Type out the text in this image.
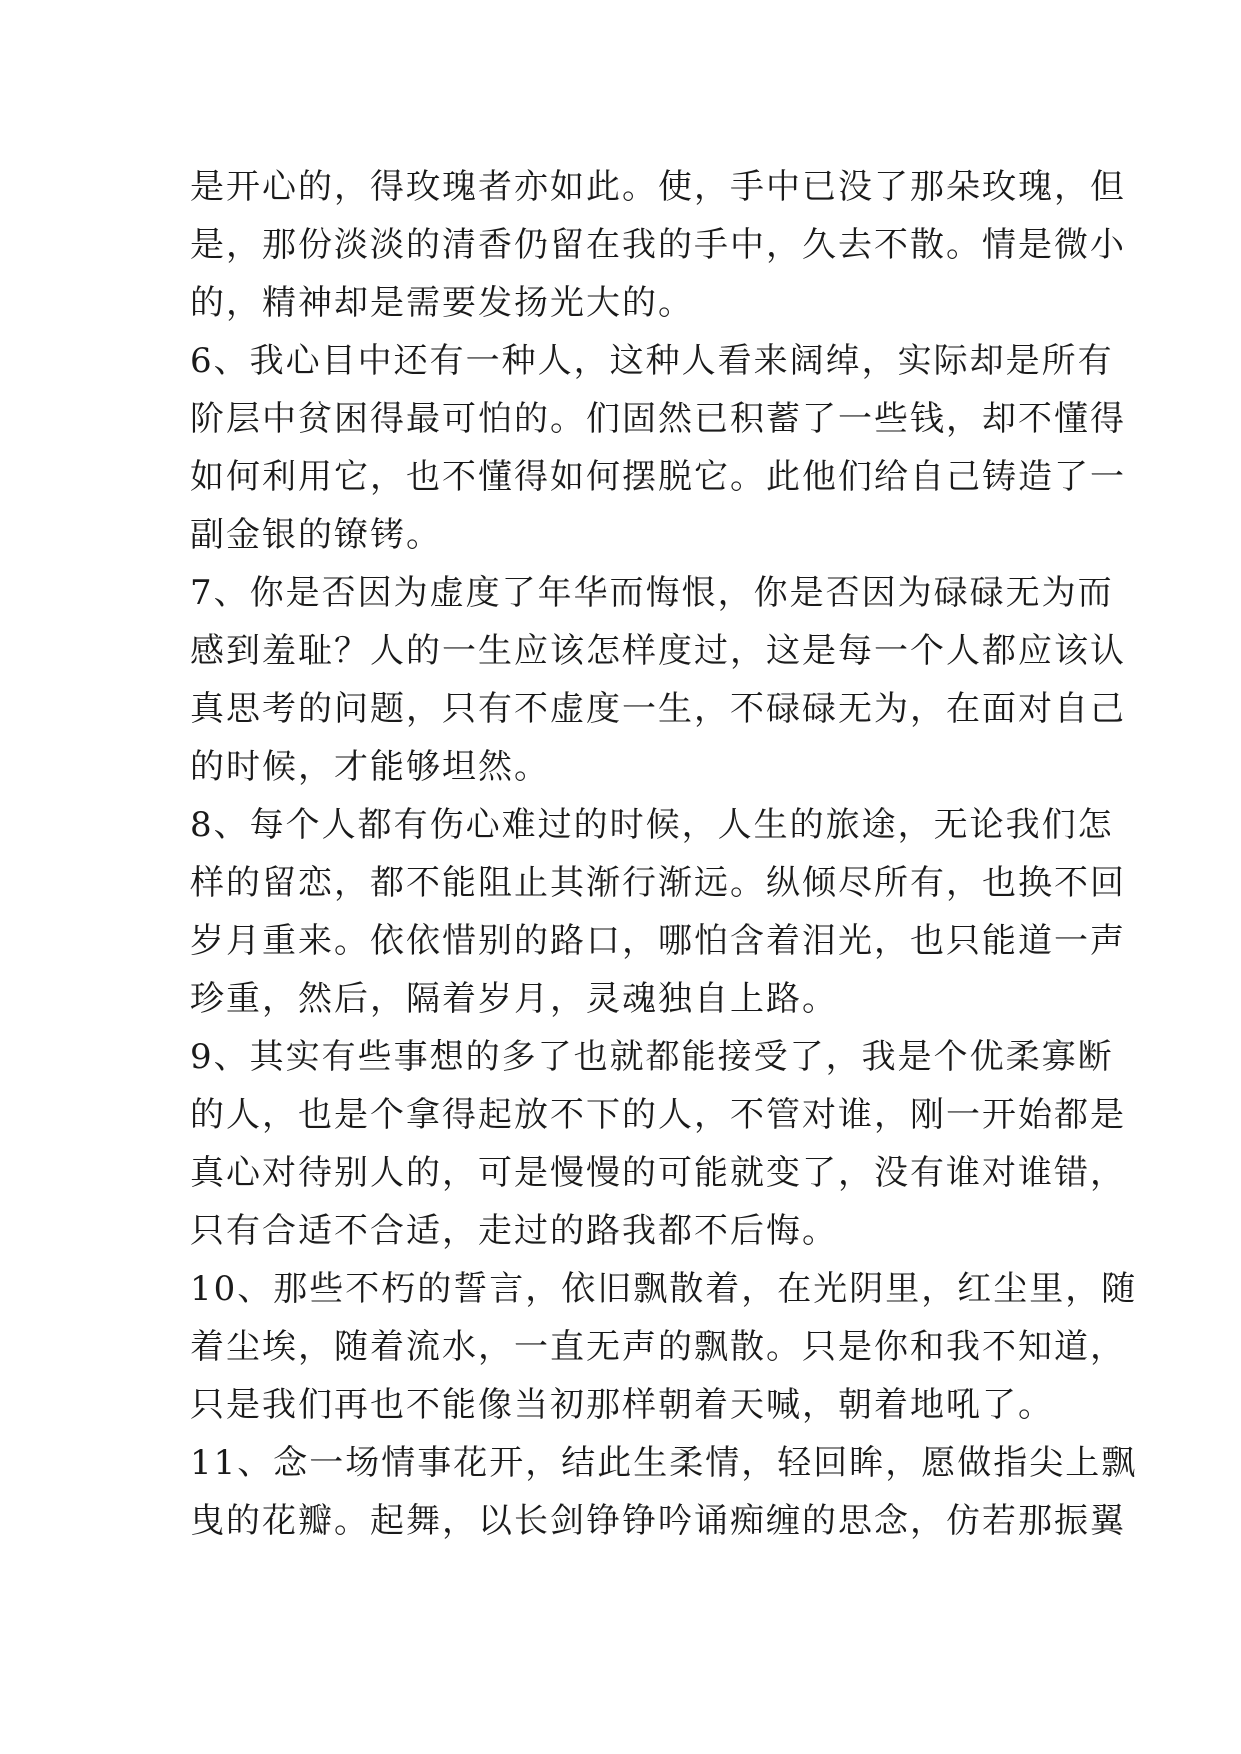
是开心的，得玫瑰者亦如此。使，手中已没了那朵玫瑰，但
是，那份淡淡的清香仍留在我的手中，久去不散。情是微小
的，精神却是需要发扬光大的。
6、我心目中还有一种人，这种人看来阔绰，实际却是所有
阶层中贫困得最可怕的。们固然已积蓄了一些钱，却不懂得
如何利用它，也不懂得如何摆脱它。此他们给自己铸造了一
副金银的镣铐。
7、你是否因为虚度了年华而悔恨，你是否因为碌碌无为而
感到羞耻？人的一生应该怎样度过，这是每一个人都应该认
真思考的问题，只有不虚度一生，不碌碌无为，在面对自己
的时候，才能够坦然。
8、每个人都有伤心难过的时候，人生的旅途，无论我们怎
样的留恋，都不能阻止其渐行渐远。纵倾尽所有，也换不回
岁月重来。依依惜别的路口，哪怕含着泪光，也只能道一声
珍重，然后，隔着岁月，灵魂独自上路。
9、其实有些事想的多了也就都能接受了，我是个优柔寡断
的人，也是个拿得起放不下的人，不管对谁，刚一开始都是
真心对待别人的，可是慢慢的可能就变了，没有谁对谁错，
只有合适不合适，走过的路我都不后悔。
10、那些不朽的誓言，依旧飘散着，在光阴里，红尘里，随
着尘埃，随着流水，一直无声的飘散。只是你和我不知道，
只是我们再也不能像当初那样朝着天喊，朝着地吼了。
11、念一场情事花开，结此生柔情，轻回眸，愿做指尖上飘
曳的花瓣。起舞，以长剑铮铮吟诵痴缠的思念，仿若那振翼
